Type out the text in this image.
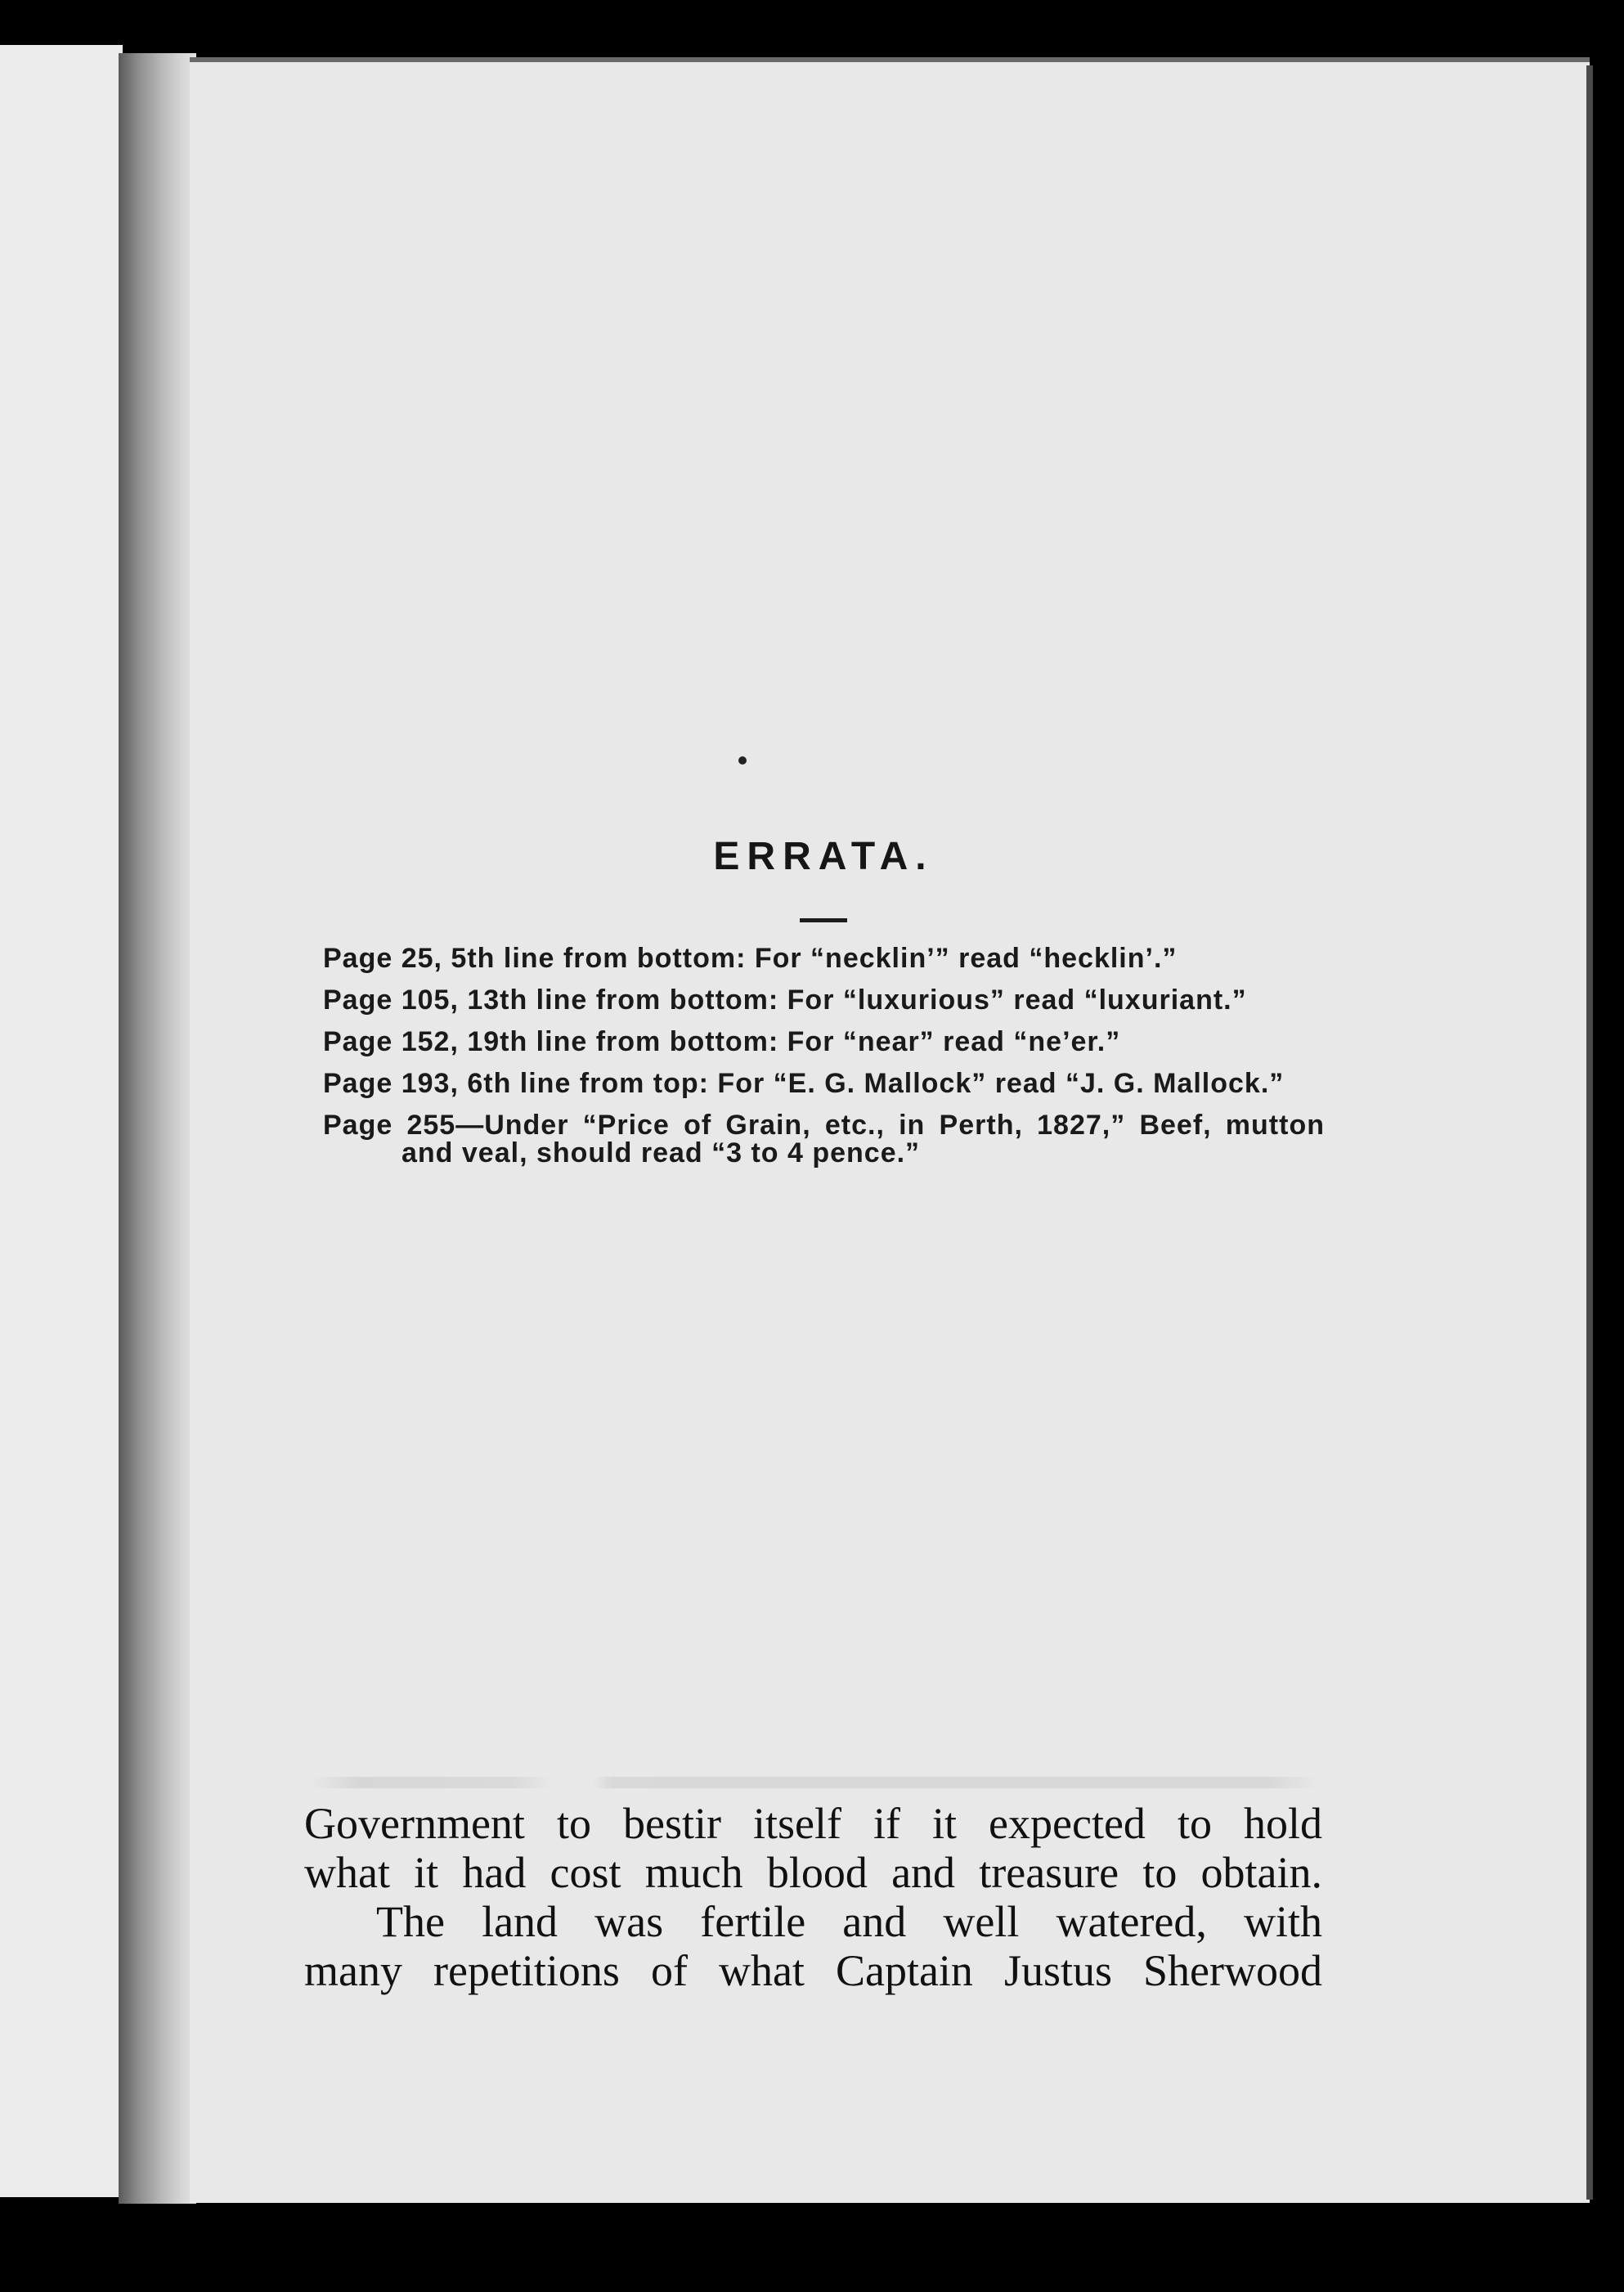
ERRATA.
Page 25, 5th line from bottom: For “necklin’” read “hecklin’.”
Page 105, 13th line from bottom: For “luxurious” read “luxuriant.”
Page 152, 19th line from bottom: For “near” read “ne’er.”
Page 193, 6th line from top: For “E. G. Mallock” read “J. G. Mallock.”
Page 255—Under “Price of Grain, etc., in Perth, 1827,” Beef, mutton and veal, should read “3 to 4 pence.”
Government to bestir itself if it expected to hold
what it had cost much blood and treasure to obtain.
The land was fertile and well watered, with
many repetitions of what Captain Justus Sherwood
